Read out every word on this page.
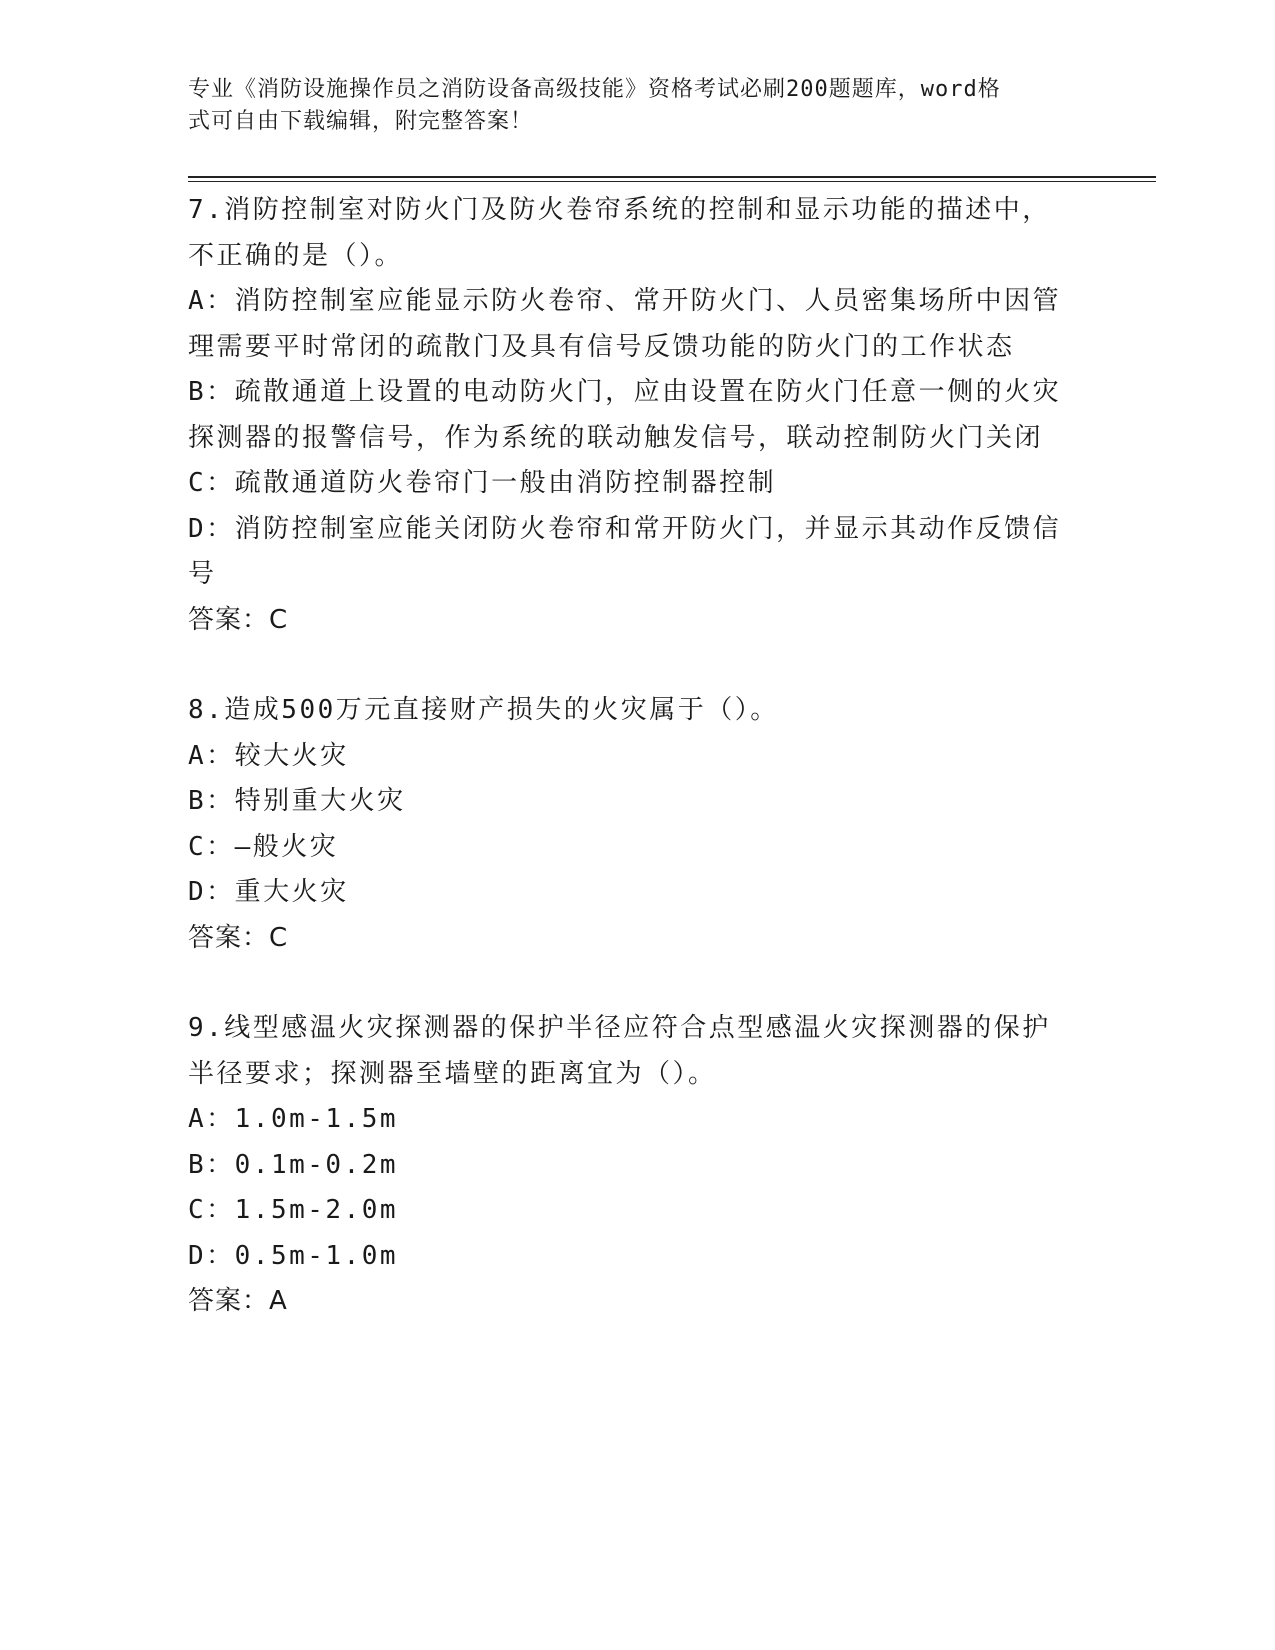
专业《消防设施操作员之消防设备高级技能》资格考试必刷200题题库，word格
式可自由下载编辑，附完整答案！
7.消防控制室对防火门及防火卷帘系统的控制和显示功能的描述中，
不正确的是（）。
A：消防控制室应能显示防火卷帘、常开防火门、人员密集场所中因管
理需要平时常闭的疏散门及具有信号反馈功能的防火门的工作状态
B：疏散通道上设置的电动防火门，应由设置在防火门任意一侧的火灾
探测器的报警信号，作为系统的联动触发信号，联动控制防火门关闭
C：疏散通道防火卷帘门一般由消防控制器控制
D：消防控制室应能关闭防火卷帘和常开防火门，并显示其动作反馈信
号
答案：C
8.造成500万元直接财产损失的火灾属于（）。
A：较大火灾
B：特别重大火灾
C：—般火灾
D：重大火灾
答案：C
9.线型感温火灾探测器的保护半径应符合点型感温火灾探测器的保护
半径要求；探测器至墙壁的距离宜为（）。
A：1.0m-1.5m
B：0.1m-0.2m
C：1.5m-2.0m
D：0.5m-1.0m
答案：A
